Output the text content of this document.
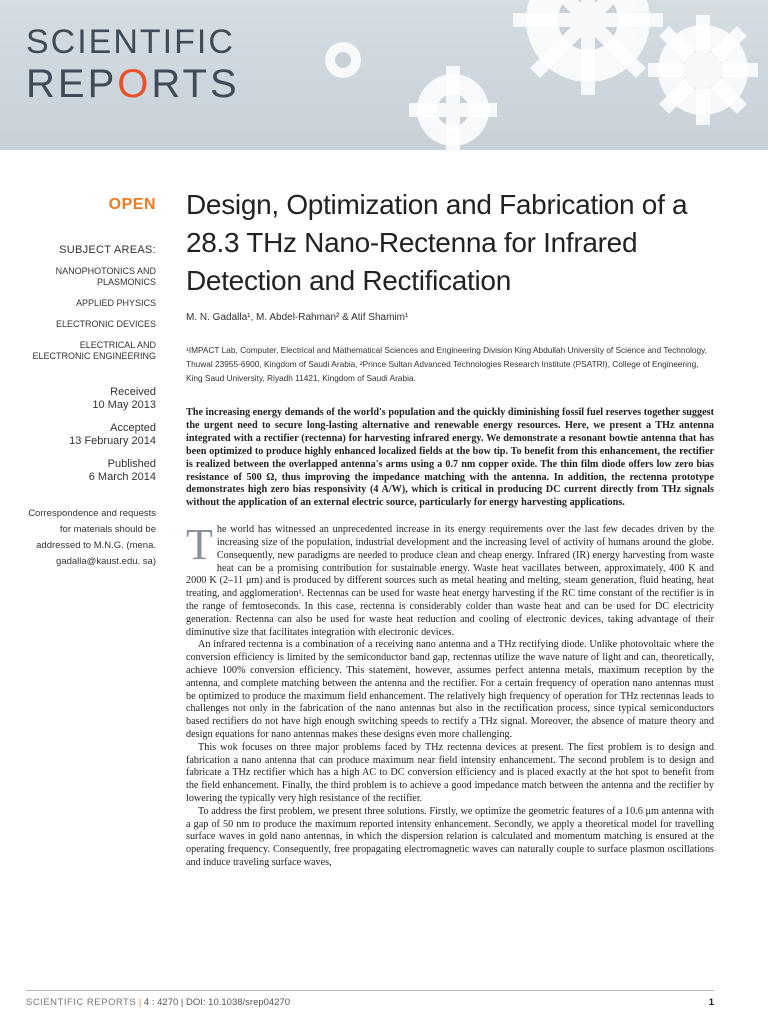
SCIENTIFIC
REPORTS
OPEN
SUBJECT AREAS:
NANOPHOTONICS AND PLASMONICS
APPLIED PHYSICS
ELECTRONIC DEVICES
ELECTRICAL AND ELECTRONIC ENGINEERING
Received
10 May 2013
Accepted
13 February 2014
Published
6 March 2014
Correspondence and requests for materials should be addressed to M.N.G. (mena. gadalla@kaust.edu. sa)
Design, Optimization and Fabrication of a 28.3 THz Nano-Rectenna for Infrared Detection and Rectification
M. N. Gadalla¹, M. Abdel-Rahman² & Atif Shamim¹
¹IMPACT Lab, Computer, Electrical and Mathematical Sciences and Engineering Division King Abdullah University of Science and Technology, Thuwal 23955-6900, Kingdom of Saudi Arabia, ²Prince Sultan Advanced Technologies Research Institute (PSATRI), College of Engineering, King Saud University, Riyadh 11421, Kingdom of Saudi Arabia.
The increasing energy demands of the world's population and the quickly diminishing fossil fuel reserves together suggest the urgent need to secure long-lasting alternative and renewable energy resources. Here, we present a THz antenna integrated with a rectifier (rectenna) for harvesting infrared energy. We demonstrate a resonant bowtie antenna that has been optimized to produce highly enhanced localized fields at the bow tip. To benefit from this enhancement, the rectifier is realized between the overlapped antenna's arms using a 0.7 nm copper oxide. The thin film diode offers low zero bias resistance of 500 Ω, thus improving the impedance matching with the antenna. In addition, the rectenna prototype demonstrates high zero bias responsivity (4 A/W), which is critical in producing DC current directly from THz signals without the application of an external electric source, particularly for energy harvesting applications.

The world has witnessed an unprecedented increase in its energy requirements over the last few decades driven by the increasing size of the population, industrial development and the increasing level of activity of humans around the globe. Consequently, new paradigms are needed to produce clean and cheap energy. Infrared (IR) energy harvesting from waste heat can be a promising contribution for sustainable energy. Waste heat vacillates between, approximately, 400 K and 2000 K (2–11 μm) and is produced by different sources such as metal heating and melting, steam generation, fluid heating, heat treating, and agglomeration¹. Rectennas can be used for waste heat energy harvesting if the RC time constant of the rectifier is in the range of femtoseconds. In this case, rectenna is considerably colder than waste heat and can be used for DC electricity generation. Rectenna can also be used for waste heat reduction and cooling of electronic devices, taking advantage of their diminutive size that facilitates integration with electronic devices.

An infrared rectenna is a combination of a receiving nano antenna and a THz rectifying diode. Unlike photovoltaic where the conversion efficiency is limited by the semiconductor band gap, rectennas utilize the wave nature of light and can, theoretically, achieve 100% conversion efficiency. This statement, however, assumes perfect antenna metals, maximum reception by the antenna, and complete matching between the antenna and the rectifier. For a certain frequency of operation nano antennas must be optimized to produce the maximum field enhancement. The relatively high frequency of operation for THz rectennas leads to challenges not only in the fabrication of the nano antennas but also in the rectification process, since typical semiconductors based rectifiers do not have high enough switching speeds to rectify a THz signal. Moreover, the absence of mature theory and design equations for nano antennas makes these designs even more challenging.

This wok focuses on three major problems faced by THz rectenna devices at present. The first problem is to design and fabrication a nano antenna that can produce maximum near field intensity enhancement. The second problem is to design and fabricate a THz rectifier which has a high AC to DC conversion efficiency and is placed exactly at the hot spot to benefit from the field enhancement. Finally, the third problem is to achieve a good impedance match between the antenna and the rectifier by lowering the typically very high resistance of the rectifier.

To address the first problem, we present three solutions. Firstly, we optimize the geometric features of a 10.6 μm antenna with a gap of 50 nm to produce the maximum reported intensity enhancement. Secondly, we apply a theoretical model for travelling surface waves in gold nano antennas, in which the dispersion relation is calculated and momentum matching is ensured at the operating frequency. Consequently, free propagating electromagnetic waves can naturally couple to surface plasmon oscillations and induce traveling surface waves,

SCIENTIFIC REPORTS | 4 : 4270 | DOI: 10.1038/srep04270	1
